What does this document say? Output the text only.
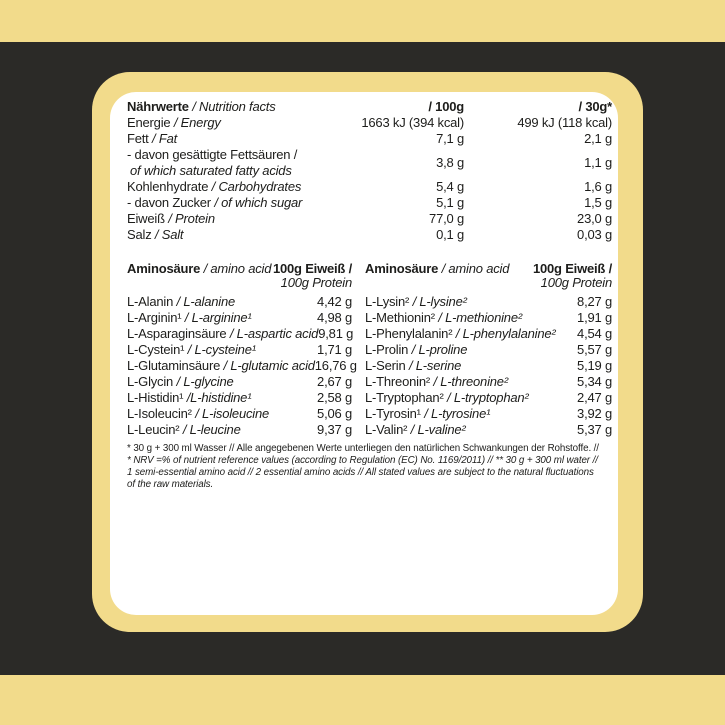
Nährwerte / Nutrition facts	/ 100g	/ 30g*
Energie / Energy	1663 kJ (394 kcal)	499 kJ (118 kcal)
Fett / Fat	7,1 g	2,1 g
- davon gesättigte Fettsäuren /
of which saturated fatty acids
3,8 g	1,1 g
Kohlenhydrate / Carbohydrates	5,4 g	1,6 g
- davon Zucker / of which sugar	5,1 g	1,5 g
Eiweiß / Protein	77,0 g	23,0 g
Salz / Salt	0,1 g	0,03 g
Aminosäure / amino acid 100g Eiweiß /
100g Protein
L-Alanin / L-alanine	4,42 g
L-Arginin¹ / L-arginine¹	4,98 g
L-Asparaginsäure / L-aspartic acid 9,81 g
L-Cystein¹ / L-cysteine¹	1,71 g
L-Glutaminsäure / L-glutamic acid 16,76 g
L-Glycin / L-glycine	2,67 g
L-Histidin¹ /L-histidine¹	2,58 g
L-Isoleucin² / L-isoleucine	5,06 g
L-Leucin² / L-leucine	9,37 g
Aminosäure / amino acid	100g Eiweiß /
100g Protein
L-Lysin² / L-lysine²	8,27 g
L-Methionin² / L-methionine²	1,91 g
L-Phenylalanin² / L-phenylalanine²	4,54 g
L-Prolin / L-proline	5,57 g
L-Serin / L-serine	5,19 g
L-Threonin² / L-threonine²	5,34 g
L-Tryptophan² / L-tryptophan²	2,47 g
L-Tyrosin¹ / L-tyrosine¹	3,92 g
L-Valin² / L-valine²	5,37 g
* 30 g + 300 ml Wasser // Alle angegebenen Werte unterliegen den natürlichen Schwankungen der Rohstoffe. //
* NRV =% of nutrient reference values (according to Regulation (EC) No. 1169/2011) // ** 30 g + 300 ml water //
1 semi-essential amino acid // 2 essential amino acids // All stated values are subject to the natural fluctuations
of the raw materials.
